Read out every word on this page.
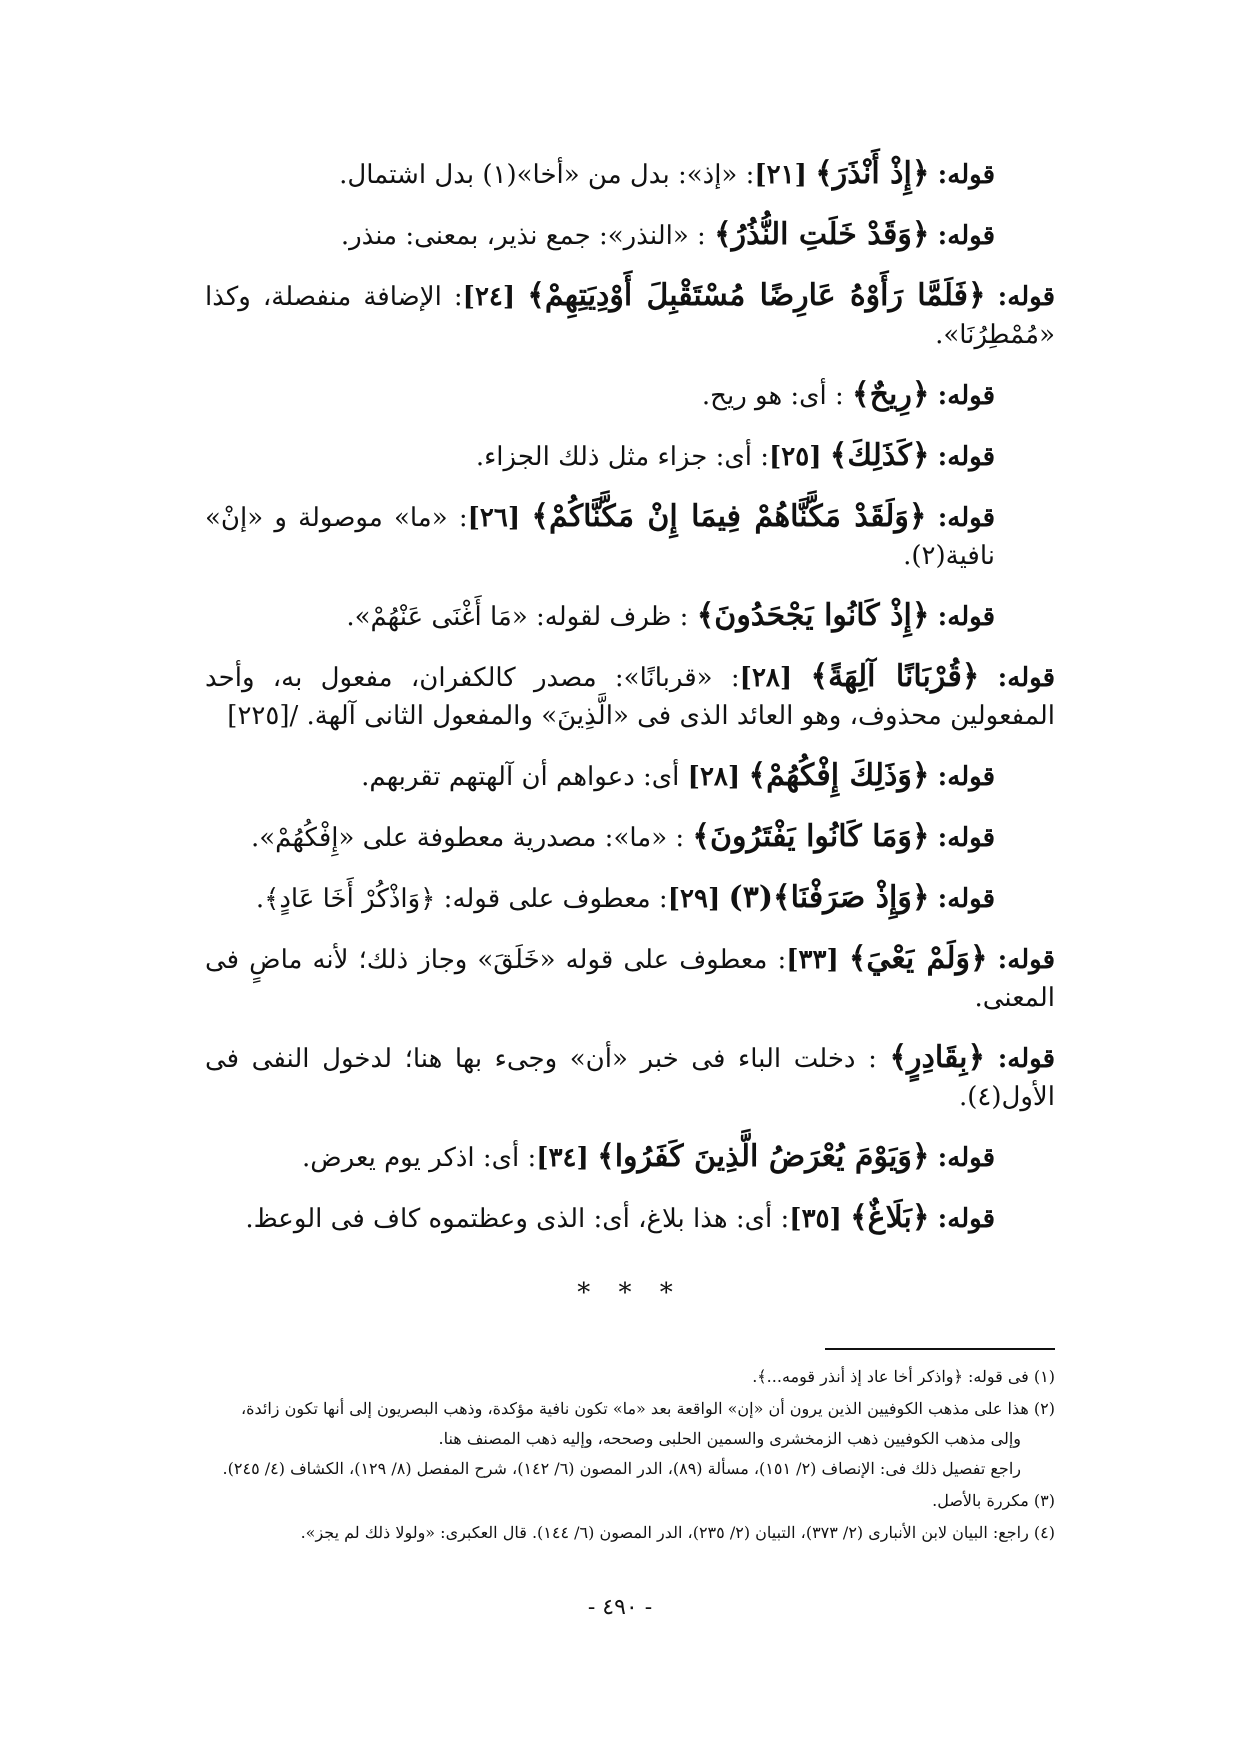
قوله: ﴿إِذْ أَنْذَرَ﴾ [٢١]: «إذ»: بدل من «أخا»(١) بدل اشتمال.

قوله: ﴿وَقَدْ خَلَتِ النُّذُرُ﴾ : «النذر»: جمع نذير، بمعنى: منذر.

قوله: ﴿فَلَمَّا رَأَوْهُ عَارِضًا مُسْتَقْبِلَ أَوْدِيَتِهِمْ﴾ [٢٤]: الإضافة منفصلة، وكذا «مُمْطِرُنَا».

قوله: ﴿رِيحٌ﴾ : أى: هو ريح.

قوله: ﴿كَذَلِكَ﴾ [٢٥]: أى: جزاء مثل ذلك الجزاء.

قوله: ﴿وَلَقَدْ مَكَّنَّاهُمْ فِيمَا إِنْ مَكَّنَّاكُمْ﴾ [٢٦]: «ما» موصولة و «إنْ» نافية(٢).

قوله: ﴿إِذْ كَانُوا يَجْحَدُونَ﴾ : ظرف لقوله: «مَا أَغْنَى عَنْهُمْ».

قوله: ﴿قُرْبَانًا آلِهَةً﴾ [٢٨]: «قربانًا»: مصدر كالكفران، مفعول به، وأحد المفعولين محذوف، وهو العائد الذى فى «الَّذِينَ» والمفعول الثانى آلهة. /[٢٢٥]

قوله: ﴿وَذَلِكَ إِفْكُهُمْ﴾ [٢٨] أى: دعواهم أن آلهتهم تقربهم.

قوله: ﴿وَمَا كَانُوا يَفْتَرُونَ﴾ : «ما»: مصدرية معطوفة على «إِفْكُهُمْ».

قوله: ﴿وَإِذْ صَرَفْنَا﴾(٣) [٢٩]: معطوف على قوله: ﴿وَاذْكُرْ أَخَا عَادٍ﴾.

قوله: ﴿وَلَمْ يَعْيَ﴾ [٣٣]: معطوف على قوله «خَلَقَ» وجاز ذلك؛ لأنه ماضٍ فى المعنى.

قوله: ﴿بِقَادِرٍ﴾ : دخلت الباء فى خبر «أن» وجىء بها هنا؛ لدخول النفى فى الأول(٤).

قوله: ﴿وَيَوْمَ يُعْرَضُ الَّذِينَ كَفَرُوا﴾ [٣٤]: أى: اذكر يوم يعرض.

قوله: ﴿بَلَاغٌ﴾ [٣٥]: أى: هذا بلاغ، أى: الذى وعظتموه كاف فى الوعظ.

* * *
(١) فى قوله: ﴿واذكر أخا عاد إذ أنذر قومه...﴾.
(٢) هذا على مذهب الكوفيين الذين يرون أن «إن» الواقعة بعد «ما» تكون نافية مؤكدة، وذهب البصريون إلى أنها تكون زائدة،
وإلى مذهب الكوفيين ذهب الزمخشرى والسمين الحلبى وصححه، وإليه ذهب المصنف هنا.
راجع تفصيل ذلك فى: الإنصاف (٢/ ١٥١)، مسألة (٨٩)، الدر المصون (٦/ ١٤٢)، شرح المفصل (٨/ ١٢٩)، الكشاف (٤/ ٢٤٥).
(٣) مكررة بالأصل.
(٤) راجع: البيان لابن الأنبارى (٢/ ٣٧٣)، التبيان (٢/ ٢٣٥)، الدر المصون (٦/ ١٤٤). قال العكبرى: «ولولا ذلك لم يجز».
- ٤٩٠ -
